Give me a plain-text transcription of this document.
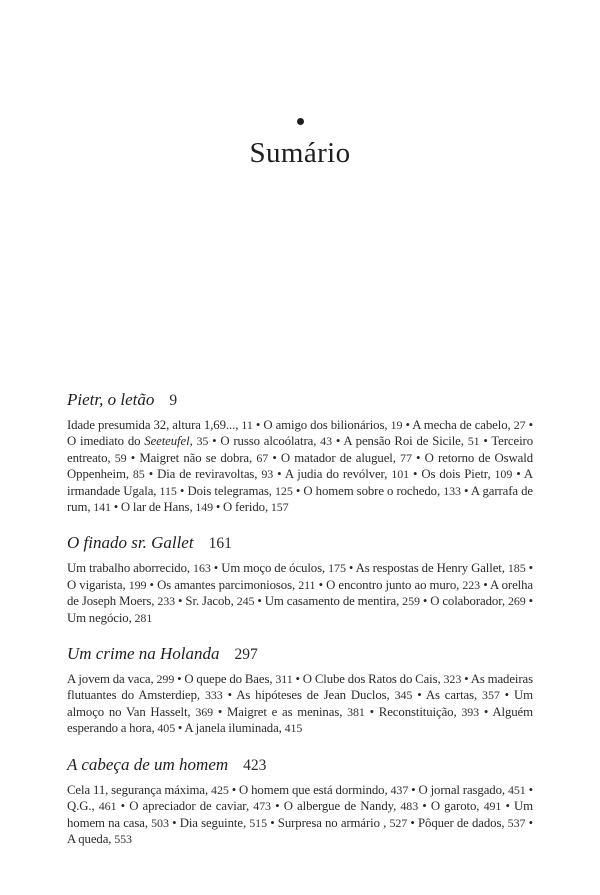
Sumário
Pietr, o letão 9

Idade presumida 32, altura 1,69..., 11 • O amigo dos bilionários, 19 • A mecha de cabelo, 27 • O imediato do Seeteufel, 35 • O russo alcoólatra, 43 • A pensão Roi de Sicile, 51 • Terceiro entreato, 59 • Maigret não se dobra, 67 • O matador de aluguel, 77 • O retorno de Oswald Oppenheim, 85 • Dia de reviravoltas, 93 • A judia do revólver, 101 • Os dois Pietr, 109 • A irmandade Ugala, 115 • Dois telegramas, 125 • O homem sobre o rochedo, 133 • A garrafa de rum, 141 • O lar de Hans, 149 • O ferido, 157

O finado sr. Gallet 161

Um trabalho aborrecido, 163 • Um moço de óculos, 175 • As respostas de Henry Gallet, 185 • O vigarista, 199 • Os amantes parcimoniosos, 211 • O encontro junto ao muro, 223 • A orelha de Joseph Moers, 233 • Sr. Jacob, 245 • Um casamento de mentira, 259 • O colaborador, 269 • Um negócio, 281

Um crime na Holanda 297

A jovem da vaca, 299 • O quepe do Baes, 311 • O Clube dos Ratos do Cais, 323 • As madeiras flutuantes do Amsterdiep, 333 • As hipóteses de Jean Duclos, 345 • As cartas, 357 • Um almoço no Van Hasselt, 369 • Maigret e as meninas, 381 • Reconstituição, 393 • Alguém esperando a hora, 405 • A janela iluminada, 415

A cabeça de um homem 423

Cela 11, segurança máxima, 425 • O homem que está dormindo, 437 • O jornal rasgado, 451 • Q.G., 461 • O apreciador de caviar, 473 • O albergue de Nandy, 483 • O garoto, 491 • Um homem na casa, 503 • Dia seguinte, 515 • Surpresa no armário , 527 • Pôquer de dados, 537 • A queda, 553
